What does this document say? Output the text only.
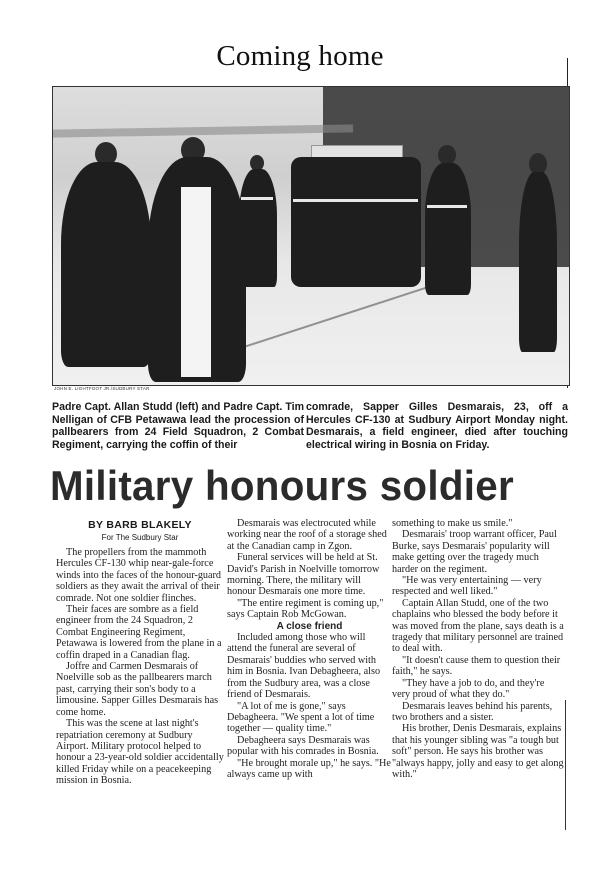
Coming home
JOHN E. LIGHTFOOT JR./SUDBURY STAR
Padre Capt. Allan Studd (left) and Padre Capt. Tim Nelligan of CFB Petawawa lead the procession of pallbearers from 24 Field Squadron, 2 Combat Regiment, carrying the coffin of their
comrade, Sapper Gilles Desmarais, 23, off a Hercules CF-130 at Sudbury Airport Monday night. Desmarais, a field engineer, died after touching electrical wiring in Bosnia on Friday.
Military honours soldier
BY BARB BLAKELY
For The Sudbury Star

The propellers from the mammoth Hercules CF-130 whip near-gale-force winds into the faces of the honour-guard soldiers as they await the arrival of their comrade. Not one soldier flinches.

Their faces are sombre as a field engineer from the 24 Squadron, 2 Combat Engineering Regiment, Petawawa is lowered from the plane in a coffin draped in a Canadian flag.

Joffre and Carmen Desmarais of Noelville sob as the pallbearers march past, carrying their son's body to a limousine. Sapper Gilles Desmarais has come home.

This was the scene at last night's repatriation ceremony at Sudbury Airport. Military protocol helped to honour a 23-year-old soldier accidentally killed Friday while on a peacekeeping mission in Bosnia.

Desmarais was electrocuted while working near the roof of a storage shed at the Canadian camp in Zgon.

Funeral services will be held at St. David's Parish in Noelville tomorrow morning. There, the military will honour Desmarais one more time.

"The entire regiment is coming up," says Captain Rob McGowan.

A close friend

Included among those who will attend the funeral are several of Desmarais' buddies who served with him in Bosnia. Ivan Debagheera, also from the Sudbury area, was a close friend of Desmarais.

"A lot of me is gone," says Debagheera. "We spent a lot of time together — quality time."

Debagheera says Desmarais was popular with his comrades in Bosnia.

"He brought morale up," he says. "He always came up with

something to make us smile."

Desmarais' troop warrant officer, Paul Burke, says Desmarais' popularity will make getting over the tragedy much harder on the regiment.

"He was very entertaining — very respected and well liked."

Captain Allan Studd, one of the two chaplains who blessed the body before it was moved from the plane, says death is a tragedy that military personnel are trained to deal with.

"It doesn't cause them to question their faith," he says.

"They have a job to do, and they're very proud of what they do."

Desmarais leaves behind his parents, two brothers and a sister.

His brother, Denis Desmarais, explains that his younger sibling was "a tough but soft" person. He says his brother was "always happy, jolly and easy to get along with."
